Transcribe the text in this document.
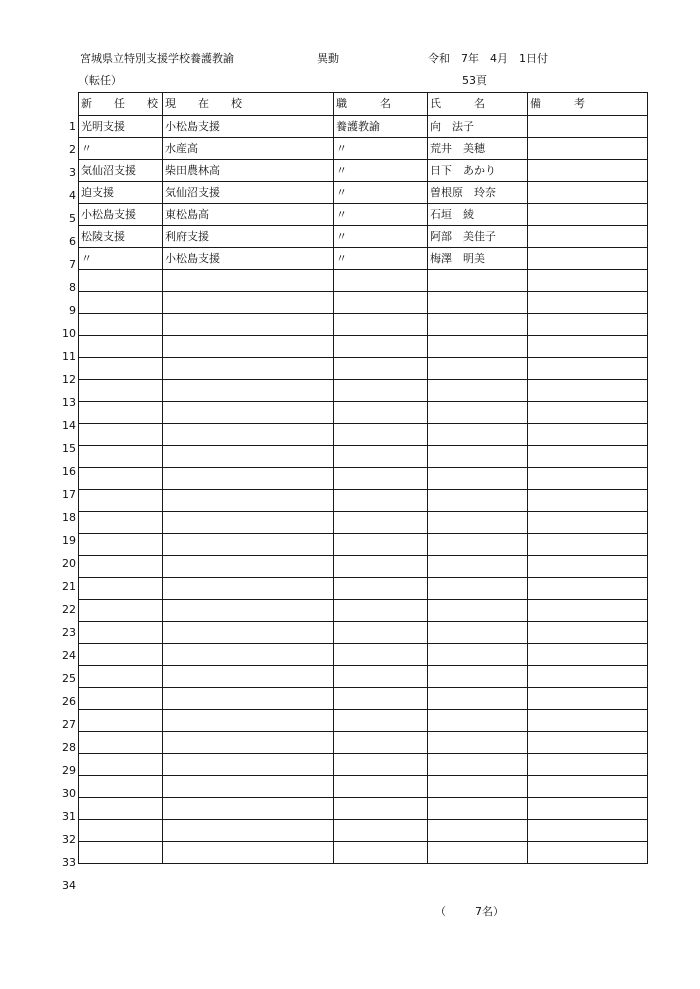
宮城県立特別支援学校養護教諭	異動	令和　7年　4月　1日付
（転任）	53頁
1
2
3
4
5
6
7
8
9
10
11
12
13
14
15
16
17
18
19
20
21
22
23
24
25
26
27
28
29
30
31
32
33
34
新　　任　　校	現　　在　　校	職　　　名	氏　　　名	備　　　考
光明支援	小松島支援	養護教諭	向　法子	
〃	水産高	〃	荒井　美穂	
気仙沼支援	柴田農林高	〃	日下　あかり	
迫支援	気仙沼支援	〃	曽根原　玲奈	
小松島支援	東松島高	〃	石垣　綾	
松陵支援	利府支援	〃	阿部　美佳子	
〃	小松島支援	〃	梅澤　明美	

（	7名）
